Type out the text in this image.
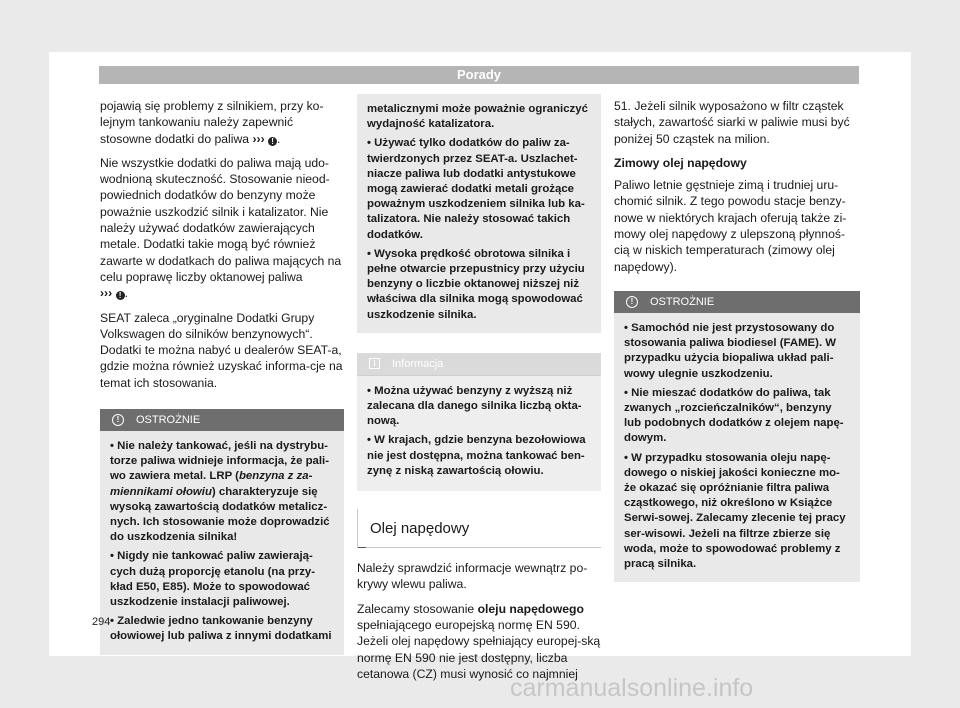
Porady

pojawią się problemy z silnikiem, przy ko-lejnym tankowaniu należy zapewnić stosowne dodatki do paliwa ››› ! .

Nie wszystkie dodatki do paliwa mają udo-wodnioną skuteczność. Stosowanie nieod-powiednich dodatków do benzyny może poważnie uszkodzić silnik i katalizator. Nie należy używać dodatków zawierających metale. Dodatki takie mogą być również zawarte w dodatkach do paliwa mających na celu poprawę liczby oktanowej paliwa
››› ! .

SEAT zaleca „oryginalne Dodatki Grupy Volkswagen do silników benzynowych“. Dodatki te można nabyć u dealerów SEAT-a, gdzie można również uzyskać informa-cje na temat ich stosowania.

!	OSTROŻNIE
• Nie należy tankować, jeśli na dystrybu-torze paliwa widnieje informacja, że pali-wo zawiera metal. LRP (benzyna z za-miennikami ołowiu) charakteryzuje się wysoką zawartością dodatków metalicz-nych. Ich stosowanie może doprowadzić do uszkodzenia silnika!
• Nigdy nie tankować paliw zawierają-cych dużą proporcję etanolu (na przy-kład E50, E85). Może to spowodować uszkodzenie instalacji paliwowej.
• Zaledwie jedno tankowanie benzyny ołowiowej lub paliwa z innymi dodatkami
metalicznymi może poważnie ograniczyć wydajność katalizatora.
• Używać tylko dodatków do paliw za-twierdzonych przez SEAT-a. Uszlachet-niacze paliwa lub dodatki antystukowe mogą zawierać dodatki metali grożące poważnym uszkodzeniem silnika lub ka-talizatora. Nie należy stosować takich dodatków.
• Wysoka prędkość obrotowa silnika i pełne otwarcie przepustnicy przy użyciu benzyny o liczbie oktanowej niższej niż właściwa dla silnika mogą spowodować uszkodzenie silnika.
i	Informacja
• Można używać benzyny z wyższą niż zalecana dla danego silnika liczbą okta-nową.
• W krajach, gdzie benzyna bezołowiowa nie jest dostępna, można tankować ben-zynę z niską zawartością ołowiu.
Olej napędowy

Należy sprawdzić informacje wewnątrz po-krywy wlewu paliwa.

Zalecamy stosowanie oleju napędowego spełniającego europejską normę EN 590. Jeżeli olej napędowy spełniający europej-ską normę EN 590 nie jest dostępny, liczba cetanowa (CZ) musi wynosić co najmniej

51. Jeżeli silnik wyposażono w filtr cząstek stałych, zawartość siarki w paliwie musi być poniżej 50 cząstek na milion.

Zimowy olej napędowy

Paliwo letnie gęstnieje zimą i trudniej uru-chomić silnik. Z tego powodu stacje benzy-nowe w niektórych krajach oferują także zi-mowy olej napędowy z ulepszoną płynnoś-cią w niskich temperaturach (zimowy olej napędowy).

!	OSTROŻNIE
• Samochód nie jest przystosowany do stosowania paliwa biodiesel (FAME). W przypadku użycia biopaliwa układ pali-wowy ulegnie uszkodzeniu.
• Nie mieszać dodatków do paliwa, tak zwanych „rozcieńczalników“, benzyny lub podobnych dodatków z olejem napę-dowym.
• W przypadku stosowania oleju napę-dowego o niskiej jakości konieczne mo-że okazać się opróżnianie filtra paliwa cząstkowego, niż określono w Książce Serwi-sowej. Zalecamy zlecenie tej pracy ser-wisowi. Jeżeli na filtrze zbierze się woda, może to spowodować problemy z pracą silnika.
294
carmanualsonline.info
